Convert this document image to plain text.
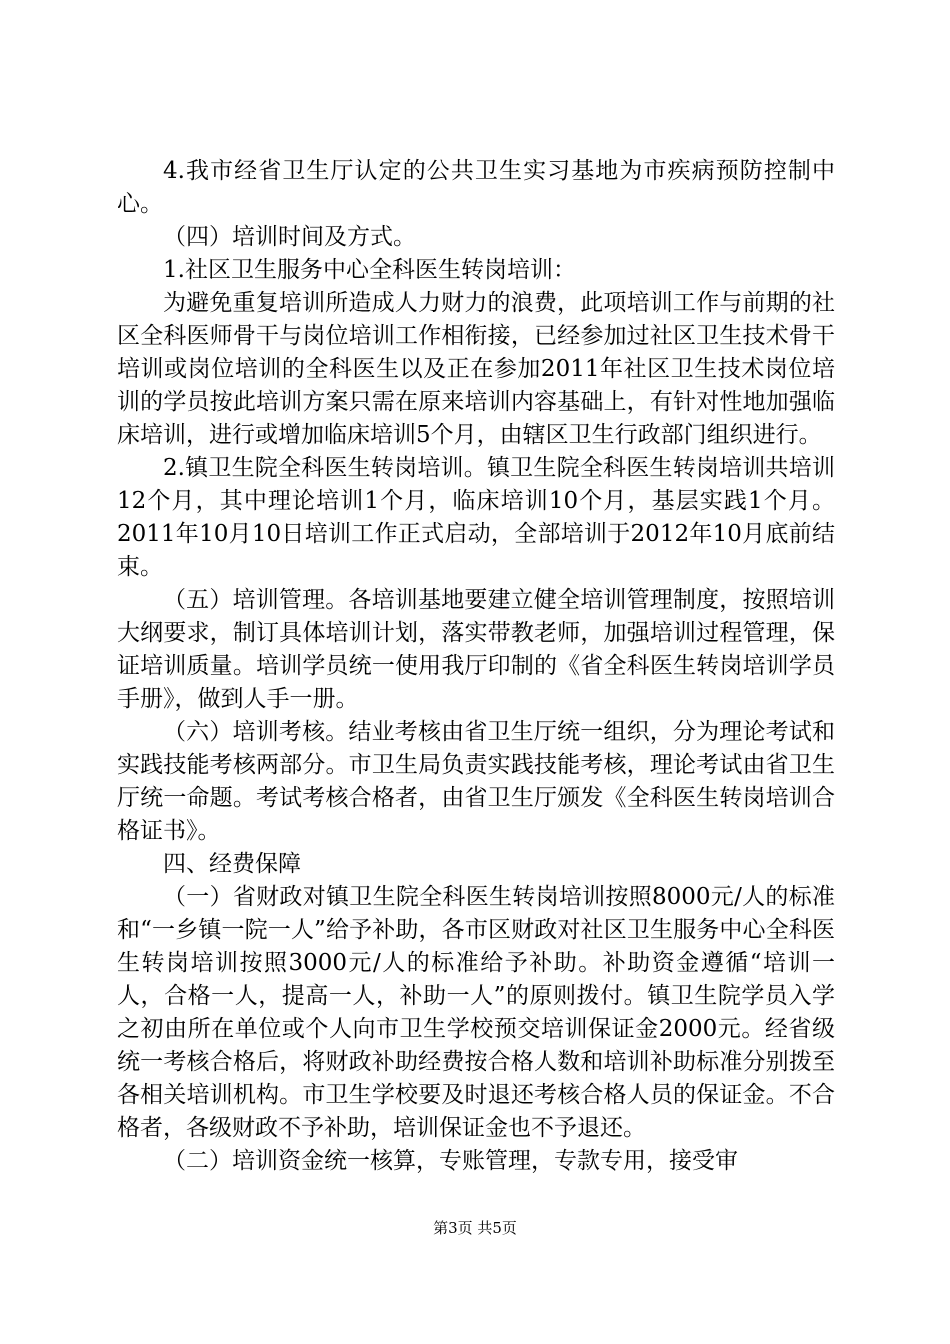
4.我市经省卫生厅认定的公共卫生实习基地为市疾病预防控制中心。

（四）培训时间及方式。

1.社区卫生服务中心全科医生转岗培训：

为避免重复培训所造成人力财力的浪费，此项培训工作与前期的社区全科医师骨干与岗位培训工作相衔接，已经参加过社区卫生技术骨干培训或岗位培训的全科医生以及正在参加2011年社区卫生技术岗位培训的学员按此培训方案只需在原来培训内容基础上，有针对性地加强临床培训，进行或增加临床培训5个月，由辖区卫生行政部门组织进行。

2.镇卫生院全科医生转岗培训。镇卫生院全科医生转岗培训共培训12个月，其中理论培训1个月，临床培训10个月，基层实践1个月。2011年10月10日培训工作正式启动，全部培训于2012年10月底前结束。

（五）培训管理。各培训基地要建立健全培训管理制度，按照培训大纲要求，制订具体培训计划，落实带教老师，加强培训过程管理，保证培训质量。培训学员统一使用我厅印制的《省全科医生转岗培训学员手册》，做到人手一册。

（六）培训考核。结业考核由省卫生厅统一组织，分为理论考试和实践技能考核两部分。市卫生局负责实践技能考核，理论考试由省卫生厅统一命题。考试考核合格者，由省卫生厅颁发《全科医生转岗培训合格证书》。

四、经费保障

（一）省财政对镇卫生院全科医生转岗培训按照8000元/人的标准和“一乡镇一院一人”给予补助，各市区财政对社区卫生服务中心全科医生转岗培训按照3000元/人的标准给予补助。补助资金遵循“培训一人，合格一人，提高一人，补助一人”的原则拨付。镇卫生院学员入学之初由所在单位或个人向市卫生学校预交培训保证金2000元。经省级统一考核合格后，将财政补助经费按合格人数和培训补助标准分别拨至各相关培训机构。市卫生学校要及时退还考核合格人员的保证金。不合格者，各级财政不予补助，培训保证金也不予退还。

（二）培训资金统一核算，专账管理，专款专用，接受审

第3页 共5页
